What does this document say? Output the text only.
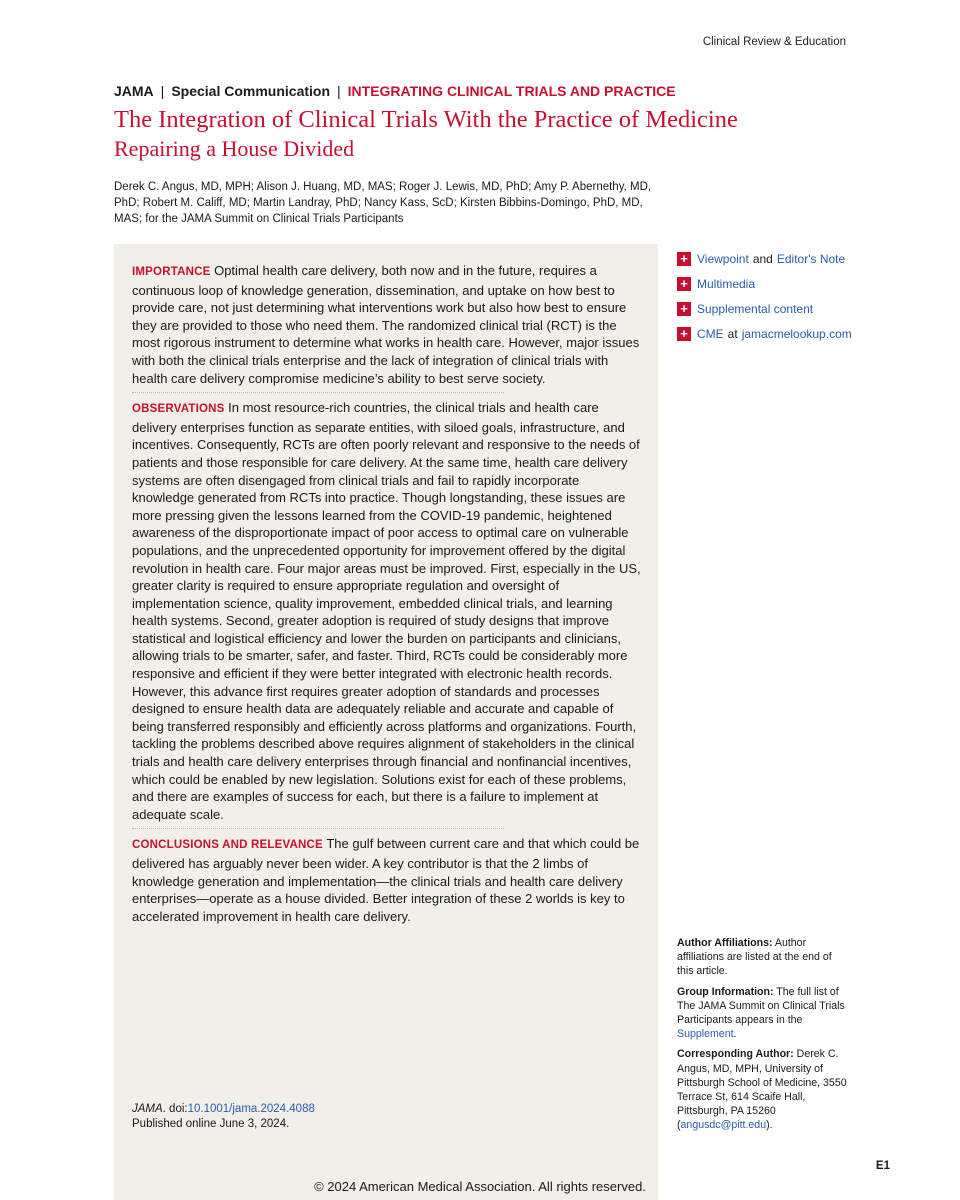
Clinical Review & Education
JAMA | Special Communication | INTEGRATING CLINICAL TRIALS AND PRACTICE
The Integration of Clinical Trials With the Practice of Medicine
Repairing a House Divided
Derek C. Angus, MD, MPH; Alison J. Huang, MD, MAS; Roger J. Lewis, MD, PhD; Amy P. Abernethy, MD, PhD; Robert M. Califf, MD; Martin Landray, PhD; Nancy Kass, ScD; Kirsten Bibbins-Domingo, PhD, MD, MAS; for the JAMA Summit on Clinical Trials Participants

IMPORTANCE Optimal health care delivery, both now and in the future, requires a continuous loop of knowledge generation, dissemination, and uptake on how best to provide care, not just determining what interventions work but also how best to ensure they are provided to those who need them. The randomized clinical trial (RCT) is the most rigorous instrument to determine what works in health care. However, major issues with both the clinical trials enterprise and the lack of integration of clinical trials with health care delivery compromise medicine’s ability to best serve society.

OBSERVATIONS In most resource-rich countries, the clinical trials and health care delivery enterprises function as separate entities, with siloed goals, infrastructure, and incentives. Consequently, RCTs are often poorly relevant and responsive to the needs of patients and those responsible for care delivery. At the same time, health care delivery systems are often disengaged from clinical trials and fail to rapidly incorporate knowledge generated from RCTs into practice. Though longstanding, these issues are more pressing given the lessons learned from the COVID-19 pandemic, heightened awareness of the disproportionate impact of poor access to optimal care on vulnerable populations, and the unprecedented opportunity for improvement offered by the digital revolution in health care. Four major areas must be improved. First, especially in the US, greater clarity is required to ensure appropriate regulation and oversight of implementation science, quality improvement, embedded clinical trials, and learning health systems. Second, greater adoption is required of study designs that improve statistical and logistical efficiency and lower the burden on participants and clinicians, allowing trials to be smarter, safer, and faster. Third, RCTs could be considerably more responsive and efficient if they were better integrated with electronic health records. However, this advance first requires greater adoption of standards and processes designed to ensure health data are adequately reliable and accurate and capable of being transferred responsibly and efficiently across platforms and organizations. Fourth, tackling the problems described above requires alignment of stakeholders in the clinical trials and health care delivery enterprises through financial and nonfinancial incentives, which could be enabled by new legislation. Solutions exist for each of these problems, and there are examples of success for each, but there is a failure to implement at adequate scale.

CONCLUSIONS AND RELEVANCE The gulf between current care and that which could be delivered has arguably never been wider. A key contributor is that the 2 limbs of knowledge generation and implementation—the clinical trials and health care delivery enterprises—operate as a house divided. Better integration of these 2 worlds is key to accelerated improvement in health care delivery.

JAMA. doi:10.1001/jama.2024.4088
Published online June 3, 2024.
+ Viewpoint and Editor's Note
+ Multimedia
+ Supplemental content
+ CME at jamacmelookup.com

Author Affiliations: Author affiliations are listed at the end of this article.

Group Information: The full list of The JAMA Summit on Clinical Trials Participants appears in the Supplement.

Corresponding Author: Derek C. Angus, MD, MPH, University of Pittsburgh School of Medicine, 3550 Terrace St, 614 Scaife Hall, Pittsburgh, PA 15260 (angusdc@pitt.edu).

E1
© 2024 American Medical Association. All rights reserved.
